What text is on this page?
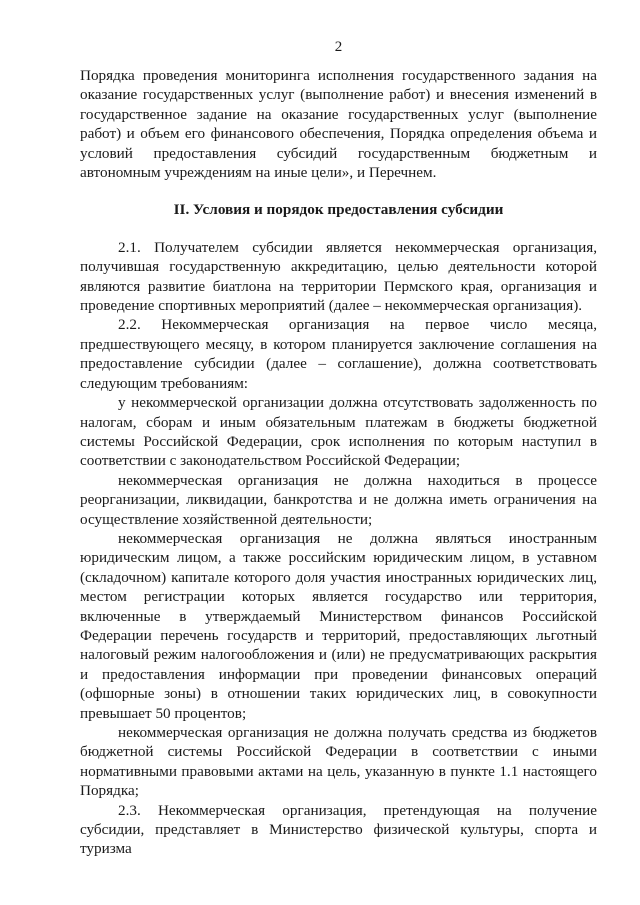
2

Порядка проведения мониторинга исполнения государственного задания на оказание государственных услуг (выполнение работ) и внесения изменений в государственное задание на оказание государственных услуг (выполнение работ) и объем его финансового обеспечения, Порядка определения объема и условий предоставления субсидий государственным бюджетным и автономным учреждениям на иные цели», и Перечнем.

II. Условия и порядок предоставления субсидии

2.1. Получателем субсидии является некоммерческая организация, получившая государственную аккредитацию, целью деятельности которой являются развитие биатлона на территории Пермского края, организация и проведение спортивных мероприятий (далее – некоммерческая организация).

2.2. Некоммерческая организация на первое число месяца, предшествующего месяцу, в котором планируется заключение соглашения на предоставление субсидии (далее – соглашение), должна соответствовать следующим требованиям:

у некоммерческой организации должна отсутствовать задолженность по налогам, сборам и иным обязательным платежам в бюджеты бюджетной системы Российской Федерации, срок исполнения по которым наступил в соответствии с законодательством Российской Федерации;

некоммерческая организация не должна находиться в процессе реорганизации, ликвидации, банкротства и не должна иметь ограничения на осуществление хозяйственной деятельности;

некоммерческая организация не должна являться иностранным юридическим лицом, а также российским юридическим лицом, в уставном (складочном) капитале которого доля участия иностранных юридических лиц, местом регистрации которых является государство или территория, включенные в утверждаемый Министерством финансов Российской Федерации перечень государств и территорий, предоставляющих льготный налоговый режим налогообложения и (или) не предусматривающих раскрытия и предоставления информации при проведении финансовых операций (офшорные зоны) в отношении таких юридических лиц, в совокупности превышает 50 процентов;

некоммерческая организация не должна получать средства из бюджетов бюджетной системы Российской Федерации в соответствии с иными нормативными правовыми актами на цель, указанную в пункте 1.1 настоящего Порядка;

2.3. Некоммерческая организация, претендующая на получение субсидии, представляет в Министерство физической культуры, спорта и туризма
